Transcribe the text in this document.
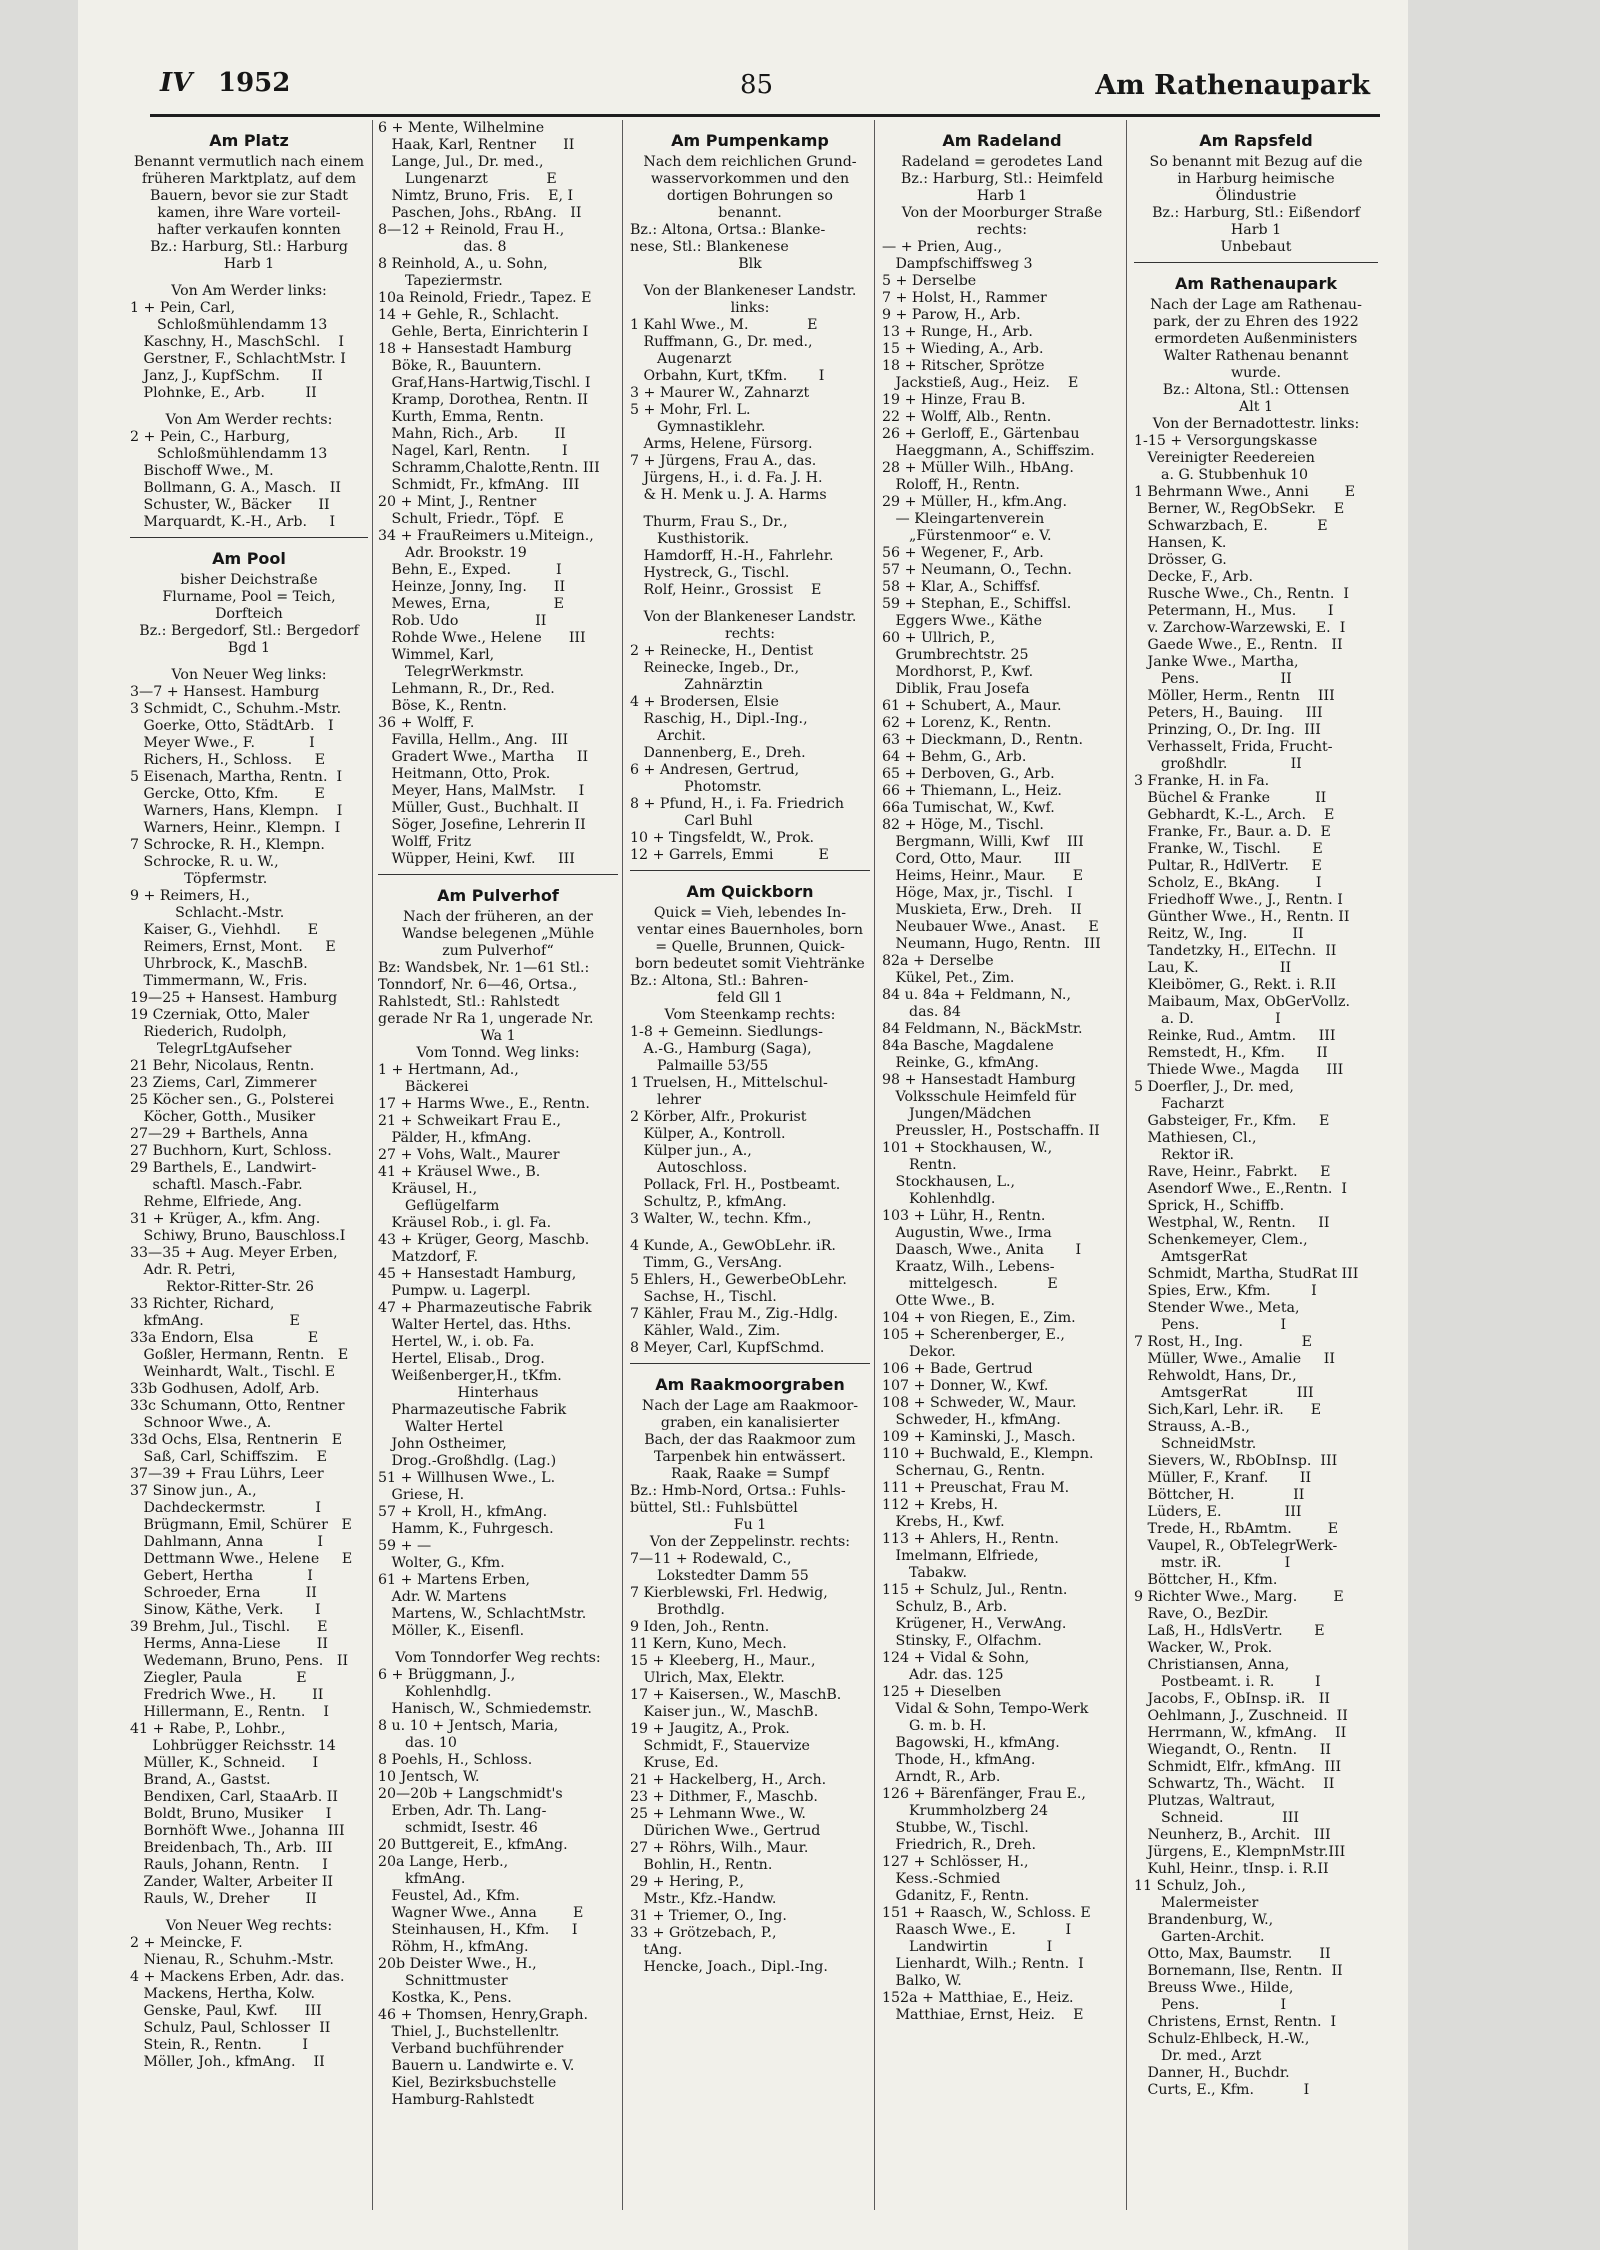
IV 1952	85	Am Rathenaupark
Am Platz
Benannt vermutlich nach einem
früheren Marktplatz, auf dem
Bauern, bevor sie zur Stadt
kamen, ihre Ware vorteil-
hafter verkaufen konnten
Bz.: Harburg, Stl.: Harburg
Harb 1
Von Am Werder links:
1 + Pein, Carl,
Schloßmühlendamm 13
Kaschny, H., MaschSchl.    I
Gerstner, F., SchlachtMstr. I
Janz, J., KupfSchm.       II
Plohnke, E., Arb.         II
Von Am Werder rechts:
2 + Pein, C., Harburg,
Schloßmühlendamm 13
Bischoff Wwe., M.
Bollmann, G. A., Masch.   II
Schuster, W., Bäcker      II
Marquardt, K.-H., Arb.     I
Am Pool
bisher Deichstraße
Flurname, Pool = Teich,
Dorfteich
Bz.: Bergedorf, Stl.: Bergedorf
Bgd 1
Von Neuer Weg links:
3—7 + Hansest. Hamburg
3 Schmidt, C., Schuhm.-Mstr.
Goerke, Otto, StädtArb.   I
Meyer Wwe., F.            I
Richers, H., Schloss.     E
5 Eisenach, Martha, Rentn.  I
Gercke, Otto, Kfm.        E
Warners, Hans, Klempn.    I
Warners, Heinr., Klempn.  I
7 Schrocke, R. H., Klempn.
Schrocke, R. u. W.,
Töpfermstr.
9 + Reimers, H.,
Schlacht.-Mstr.
Kaiser, G., Viehhdl.      E
Reimers, Ernst, Mont.     E
Uhrbrock, K., MaschB.
Timmermann, W., Fris.
19—25 + Hansest. Hamburg
19 Czerniak, Otto, Maler
Riederich, Rudolph,
TelegrLtgAufseher
21 Behr, Nicolaus, Rentn.
23 Ziems, Carl, Zimmerer
25 Köcher sen., G., Polsterei
Köcher, Gotth., Musiker
27—29 + Barthels, Anna
27 Buchhorn, Kurt, Schloss.
29 Barthels, E., Landwirt-
schaftl. Masch.-Fabr.
Rehme, Elfriede, Ang.
31 + Krüger, A., kfm. Ang.
Schiwy, Bruno, Bauschloss.I
33—35 + Aug. Meyer Erben,
Adr. R. Petri,
Rektor-Ritter-Str. 26
33 Richter, Richard,
kfmAng.                   E
33a Endorn, Elsa            E
Goßler, Hermann, Rentn.   E
Weinhardt, Walt., Tischl. E
33b Godhusen, Adolf, Arb.
33c Schumann, Otto, Rentner
Schnoor Wwe., A.
33d Ochs, Elsa, Rentnerin   E
Saß, Carl, Schiffszim.    E
37—39 + Frau Lührs, Leer
37 Sinow jun., A.,
Dachdeckermstr.           I
Brügmann, Emil, Schürer   E
Dahlmann, Anna            I
Dettmann Wwe., Helene     E
Gebert, Hertha            I
Schroeder, Erna          II
Sinow, Käthe, Verk.       I
39 Brehm, Jul., Tischl.      E
Herms, Anna-Liese        II
Wedemann, Bruno, Pens.   II
Ziegler, Paula            E
Fredrich Wwe., H.        II
Hillermann, E., Rentn.    I
41 + Rabe, P., Lohbr.,
Lohbrügger Reichsstr. 14
Müller, K., Schneid.      I
Brand, A., Gastst.
Bendixen, Carl, StaaArb. II
Boldt, Bruno, Musiker     I
Bornhöft Wwe., Johanna  III
Breidenbach, Th., Arb.  III
Rauls, Johann, Rentn.     I
Zander, Walter, Arbeiter II
Rauls, W., Dreher        II
Von Neuer Weg rechts:
2 + Meincke, F.
Nienau, R., Schuhm.-Mstr.
4 + Mackens Erben, Adr. das.
Mackens, Hertha, Kolw.
Genske, Paul, Kwf.      III
Schulz, Paul, Schlosser  II
Stein, R., Rentn.         I
Möller, Joh., kfmAng.    II
6 + Mente, Wilhelmine
Haak, Karl, Rentner      II
Lange, Jul., Dr. med.,
Lungenarzt             E
Nimtz, Bruno, Fris.    E, I
Paschen, Johs., RbAng.   II
8—12 + Reinold, Frau H.,
das. 8
8 Reinhold, A., u. Sohn,
Tapeziermstr.
10a Reinold, Friedr., Tapez. E
14 + Gehle, R., Schlacht.
Gehle, Berta, Einrichterin I
18 + Hansestadt Hamburg
Böke, R., Bauuntern.
Graf,Hans-Hartwig,Tischl. I
Kramp, Dorothea, Rentn. II
Kurth, Emma, Rentn.
Mahn, Rich., Arb.        II
Nagel, Karl, Rentn.       I
Schramm,Chalotte,Rentn. III
Schmidt, Fr., kfmAng.   III
20 + Mint, J., Rentner
Schult, Friedr., Töpf.   E
34 + FrauReimers u.Miteign.,
Adr. Brookstr. 19
Behn, E., Exped.          I
Heinze, Jonny, Ing.      II
Mewes, Erna,              E
Rob. Udo                 II
Rohde Wwe., Helene      III
Wimmel, Karl,
TelegrWerkmstr.
Lehmann, R., Dr., Red.
Böse, K., Rentn.
36 + Wolff, F.
Favilla, Hellm., Ang.   III
Gradert Wwe., Martha     II
Heitmann, Otto, Prok.
Meyer, Hans, MalMstr.     I
Müller, Gust., Buchhalt. II
Söger, Josefine, Lehrerin II
Wolff, Fritz
Wüpper, Heini, Kwf.     III
Am Pulverhof
Nach der früheren, an der
Wandse belegenen „Mühle
zum Pulverhof“
Bz: Wandsbek, Nr. 1—61 Stl.:
Tonndorf, Nr. 6—46, Ortsa.,
Rahlstedt, Stl.: Rahlstedt
gerade Nr Ra 1, ungerade Nr.
Wa 1
Vom Tonnd. Weg links:
1 + Hertmann, Ad.,
Bäckerei
17 + Harms Wwe., E., Rentn.
21 + Schweikart Frau E.,
Pälder, H., kfmAng.
27 + Vohs, Walt., Maurer
41 + Kräusel Wwe., B.
Kräusel, H.,
Geflügelfarm
Kräusel Rob., i. gl. Fa.
43 + Krüger, Georg, Maschb.
Matzdorf, F.
45 + Hansestadt Hamburg,
Pumpw. u. Lagerpl.
47 + Pharmazeutische Fabrik
Walter Hertel, das. Hths.
Hertel, W., i. ob. Fa.
Hertel, Elisab., Drog.
Weißenberger,H., tKfm.
Hinterhaus
Pharmazeutische Fabrik
Walter Hertel
John Ostheimer,
Drog.-Großhdlg. (Lag.)
51 + Willhusen Wwe., L.
Griese, H.
57 + Kroll, H., kfmAng.
Hamm, K., Fuhrgesch.
59 + —
Wolter, G., Kfm.
61 + Martens Erben,
Adr. W. Martens
Martens, W., SchlachtMstr.
Möller, K., Eisenfl.
Vom Tonndorfer Weg rechts:
6 + Brüggmann, J.,
Kohlenhdlg.
Hanisch, W., Schmiedemstr.
8 u. 10 + Jentsch, Maria,
das. 10
8 Poehls, H., Schloss.
10 Jentsch, W.
20—20b + Langschmidt's
Erben, Adr. Th. Lang-
schmidt, Isestr. 46
20 Buttgereit, E., kfmAng.
20a Lange, Herb.,
kfmAng.
Feustel, Ad., Kfm.
Wagner Wwe., Anna        E
Steinhausen, H., Kfm.     I
Röhm, H., kfmAng.
20b Deister Wwe., H.,
Schnittmuster
Kostka, K., Pens.
46 + Thomsen, Henry,Graph.
Thiel, J., Buchstellenltr.
Verband buchführender
Bauern u. Landwirte e. V.
Kiel, Bezirksbuchstelle
Hamburg-Rahlstedt
Am Pumpenkamp
Nach dem reichlichen Grund-
wasservorkommen und den
dortigen Bohrungen so
benannt.
Bz.: Altona, Ortsa.: Blanke-
nese, Stl.: Blankenese
Blk
Von der Blankeneser Landstr.
links:
1 Kahl Wwe., M.             E
Ruffmann, G., Dr. med.,
Augenarzt
Orbahn, Kurt, tKfm.       I
3 + Maurer W., Zahnarzt
5 + Mohr, Frl. L.
Gymnastiklehr.
Arms, Helene, Fürsorg.
7 + Jürgens, Frau A., das.
Jürgens, H., i. d. Fa. J. H.
& H. Menk u. J. A. Harms
Thurm, Frau S., Dr.,
Kusthistorik.
Hamdorff, H.-H., Fahrlehr.
Hystreck, G., Tischl.
Rolf, Heinr., Grossist    E
Von der Blankeneser Landstr.
rechts:
2 + Reinecke, H., Dentist
Reinecke, Ingeb., Dr.,
Zahnärztin
4 + Brodersen, Elsie
Raschig, H., Dipl.-Ing.,
Archit.
Dannenberg, E., Dreh.
6 + Andresen, Gertrud,
Photomstr.
8 + Pfund, H., i. Fa. Friedrich
Carl Buhl
10 + Tingsfeldt, W., Prok.
12 + Garrels, Emmi          E
Am Quickborn
Quick = Vieh, lebendes In-
ventar eines Bauernholes, born
= Quelle, Brunnen, Quick-
born bedeutet somit Viehtränke
Bz.: Altona, Stl.: Bahren-
feld Gll 1
Vom Steenkamp rechts:
1-8 + Gemeinn. Siedlungs-
A.-G., Hamburg (Saga),
Palmaille 53/55
1 Truelsen, H., Mittelschul-
lehrer
2 Körber, Alfr., Prokurist
Külper, A., Kontroll.
Külper jun., A.,
Autoschloss.
Pollack, Frl. H., Postbeamt.
Schultz, P., kfmAng.
3 Walter, W., techn. Kfm.,
4 Kunde, A., GewObLehr. iR.
Timm, G., VersAng.
5 Ehlers, H., GewerbeObLehr.
Sachse, H., Tischl.
7 Kähler, Frau M., Zig.-Hdlg.
Kähler, Wald., Zim.
8 Meyer, Carl, KupfSchmd.
Am Raakmoorgraben
Nach der Lage am Raakmoor-
graben, ein kanalisierter
Bach, der das Raakmoor zum
Tarpenbek hin entwässert.
Raak, Raake = Sumpf
Bz.: Hmb-Nord, Ortsa.: Fuhls-
büttel, Stl.: Fuhlsbüttel
Fu 1
Von der Zeppelinstr. rechts:
7—11 + Rodewald, C.,
Lokstedter Damm 55
7 Kierblewski, Frl. Hedwig,
Brothdlg.
9 Iden, Joh., Rentn.
11 Kern, Kuno, Mech.
15 + Kleeberg, H., Maur.,
Ulrich, Max, Elektr.
17 + Kaisersen., W., MaschB.
Kaiser jun., W., MaschB.
19 + Jaugitz, A., Prok.
Schmidt, F., Stauervize
Kruse, Ed.
21 + Hackelberg, H., Arch.
23 + Dithmer, F., Maschb.
25 + Lehmann Wwe., W.
Dürichen Wwe., Gertrud
27 + Röhrs, Wilh., Maur.
Bohlin, H., Rentn.
29 + Hering, P.,
Mstr., Kfz.-Handw.
31 + Triemer, O., Ing.
33 + Grötzebach, P.,
tAng.
Hencke, Joach., Dipl.-Ing.
Am Radeland
Radeland = gerodetes Land
Bz.: Harburg, Stl.: Heimfeld
Harb 1
Von der Moorburger Straße
rechts:
— + Prien, Aug.,
Dampfschiffsweg 3
5 + Derselbe
7 + Holst, H., Rammer
9 + Parow, H., Arb.
13 + Runge, H., Arb.
15 + Wieding, A., Arb.
18 + Ritscher, Sprötze
Jackstieß, Aug., Heiz.    E
19 + Hinze, Frau B.
22 + Wolff, Alb., Rentn.
26 + Gerloff, E., Gärtenbau
Haeggmann, A., Schiffszim.
28 + Müller Wilh., HbAng.
Roloff, H., Rentn.
29 + Müller, H., kfm.Ang.
— Kleingartenverein
„Fürstenmoor“ e. V.
56 + Wegener, F., Arb.
57 + Neumann, O., Techn.
58 + Klar, A., Schiffsf.
59 + Stephan, E., Schiffsl.
Eggers Wwe., Käthe
60 + Ullrich, P.,
Grumbrechtstr. 25
Mordhorst, P., Kwf.
Diblik, Frau Josefa
61 + Schubert, A., Maur.
62 + Lorenz, K., Rentn.
63 + Dieckmann, D., Rentn.
64 + Behm, G., Arb.
65 + Derboven, G., Arb.
66 + Thiemann, L., Heiz.
66a Tumischat, W., Kwf.
82 + Höge, M., Tischl.
Bergmann, Willi, Kwf    III
Cord, Otto, Maur.       III
Heims, Heinr., Maur.      E
Höge, Max, jr., Tischl.   I
Muskieta, Erw., Dreh.    II
Neubauer Wwe., Anast.     E
Neumann, Hugo, Rentn.   III
82a + Derselbe
Kükel, Pet., Zim.
84 u. 84a + Feldmann, N.,
das. 84
84 Feldmann, N., BäckMstr.
84a Basche, Magdalene
Reinke, G., kfmAng.
98 + Hansestadt Hamburg
Volksschule Heimfeld für
Jungen/Mädchen
Preussler, H., Postschaffn. II
101 + Stockhausen, W.,
Rentn.
Stockhausen, L.,
Kohlenhdlg.
103 + Lühr, H., Rentn.
Augustin, Wwe., Irma
Daasch, Wwe., Anita       I
Kraatz, Wilh., Lebens-
mittelgesch.           E
Otte Wwe., B.
104 + von Riegen, E., Zim.
105 + Scherenberger, E.,
Dekor.
106 + Bade, Gertrud
107 + Donner, W., Kwf.
108 + Schweder, W., Maur.
Schweder, H., kfmAng.
109 + Kaminski, J., Masch.
110 + Buchwald, E., Klempn.
Schernau, G., Rentn.
111 + Preuschat, Frau M.
112 + Krebs, H.
Krebs, H., Kwf.
113 + Ahlers, H., Rentn.
Imelmann, Elfriede,
Tabakw.
115 + Schulz, Jul., Rentn.
Schulz, B., Arb.
Krügener, H., VerwAng.
Stinsky, F., Olfachm.
124 + Vidal & Sohn,
Adr. das. 125
125 + Dieselben
Vidal & Sohn, Tempo-Werk
G. m. b. H.
Bagowski, H., kfmAng.
Thode, H., kfmAng.
Arndt, R., Arb.
126 + Bärenfänger, Frau E.,
Krummholzberg 24
Stubbe, W., Tischl.
Friedrich, R., Dreh.
127 + Schlösser, H.,
Kess.-Schmied
Gdanitz, F., Rentn.
151 + Raasch, W., Schloss. E
Raasch Wwe., E.           I
Landwirtin             I
Lienhardt, Wilh.; Rentn.  I
Balko, W.
152a + Matthiae, E., Heiz.
Matthiae, Ernst, Heiz.    E
Am Rapsfeld
So benannt mit Bezug auf die
in Harburg heimische
Ölindustrie
Bz.: Harburg, Stl.: Eißendorf
Harb 1
Unbebaut
Am Rathenaupark
Nach der Lage am Rathenau-
park, der zu Ehren des 1922
ermordeten Außenministers
Walter Rathenau benannt
wurde.
Bz.: Altona, Stl.: Ottensen
Alt 1
Von der Bernadottestr. links:
1-15 + Versorgungskasse
Vereinigter Reedereien
a. G. Stubbenhuk 10
1 Behrmann Wwe., Anni        E
Berner, W., RegObSekr.    E
Schwarzbach, E.           E
Hansen, K.
Drösser, G.
Decke, F., Arb.
Rusche Wwe., Ch., Rentn.  I
Petermann, H., Mus.       I
v. Zarchow-Warzewski, E.  I
Gaede Wwe., E., Rentn.   II
Janke Wwe., Martha,
Pens.                  II
Möller, Herm., Rentn    III
Peters, H., Bauing.     III
Prinzing, O., Dr. Ing.  III
Verhasselt, Frida, Frucht-
großhdlr.              II
3 Franke, H. in Fa.
Büchel & Franke          II
Gebhardt, K.-L., Arch.    E
Franke, Fr., Baur. a. D.  E
Franke, W., Tischl.       E
Pultar, R., HdlVertr.     E
Scholz, E., BkAng.        I
Friedhoff Wwe., J., Rentn. I
Günther Wwe., H., Rentn. II
Reitz, W., Ing.          II
Tandetzky, H., ElTechn.  II
Lau, K.                  II
Kleibömer, G., Rekt. i. R.II
Maibaum, Max, ObGerVollz.
a. D.                  I
Reinke, Rud., Amtm.     III
Remstedt, H., Kfm.       II
Thiede Wwe., Magda      III
5 Doerfler, J., Dr. med,
Facharzt
Gabsteiger, Fr., Kfm.     E
Mathiesen, Cl.,
Rektor iR.
Rave, Heinr., Fabrkt.     E
Asendorf Wwe., E.,Rentn.  I
Sprick, H., Schiffb.
Westphal, W., Rentn.     II
Schenkemeyer, Clem.,
AmtsgerRat
Schmidt, Martha, StudRat III
Spies, Erw., Kfm.         I
Stender Wwe., Meta,
Pens.                  I
7 Rost, H., Ing.             E
Müller, Wwe., Amalie     II
Rehwoldt, Hans, Dr.,
AmtsgerRat           III
Sich,Karl, Lehr. iR.      E
Strauss, A.-B.,
SchneidMstr.
Sievers, W., RbObInsp.  III
Müller, F., Kranf.       II
Böttcher, H.             II
Lüders, E.              III
Trede, H., RbAmtm.        E
Vaupel, R., ObTelegrWerk-
mstr. iR.              I
Böttcher, H., Kfm.
9 Richter Wwe., Marg.        E
Rave, O., BezDir.
Laß, H., HdlsVertr.       E
Wacker, W., Prok.
Christiansen, Anna,
Postbeamt. i. R.         I
Jacobs, F., ObInsp. iR.   II
Oehlmann, J., Zuschneid.  II
Herrmann, W., kfmAng.    II
Wiegandt, O., Rentn.     II
Schmidt, Elfr., kfmAng.  III
Schwartz, Th., Wächt.    II
Plutzas, Waltraut,
Schneid.             III
Neunherz, B., Archit.   III
Jürgens, E., KlempnMstr.III
Kuhl, Heinr., tInsp. i. R.II
11 Schulz, Joh.,
Malermeister
Brandenburg, W.,
Garten-Archit.
Otto, Max, Baumstr.      II
Bornemann, Ilse, Rentn.  II
Breuss Wwe., Hilde,
Pens.                  I
Christens, Ernst, Rentn.  I
Schulz-Ehlbeck, H.-W.,
Dr. med., Arzt
Danner, H., Buchdr.
Curts, E., Kfm.           I
